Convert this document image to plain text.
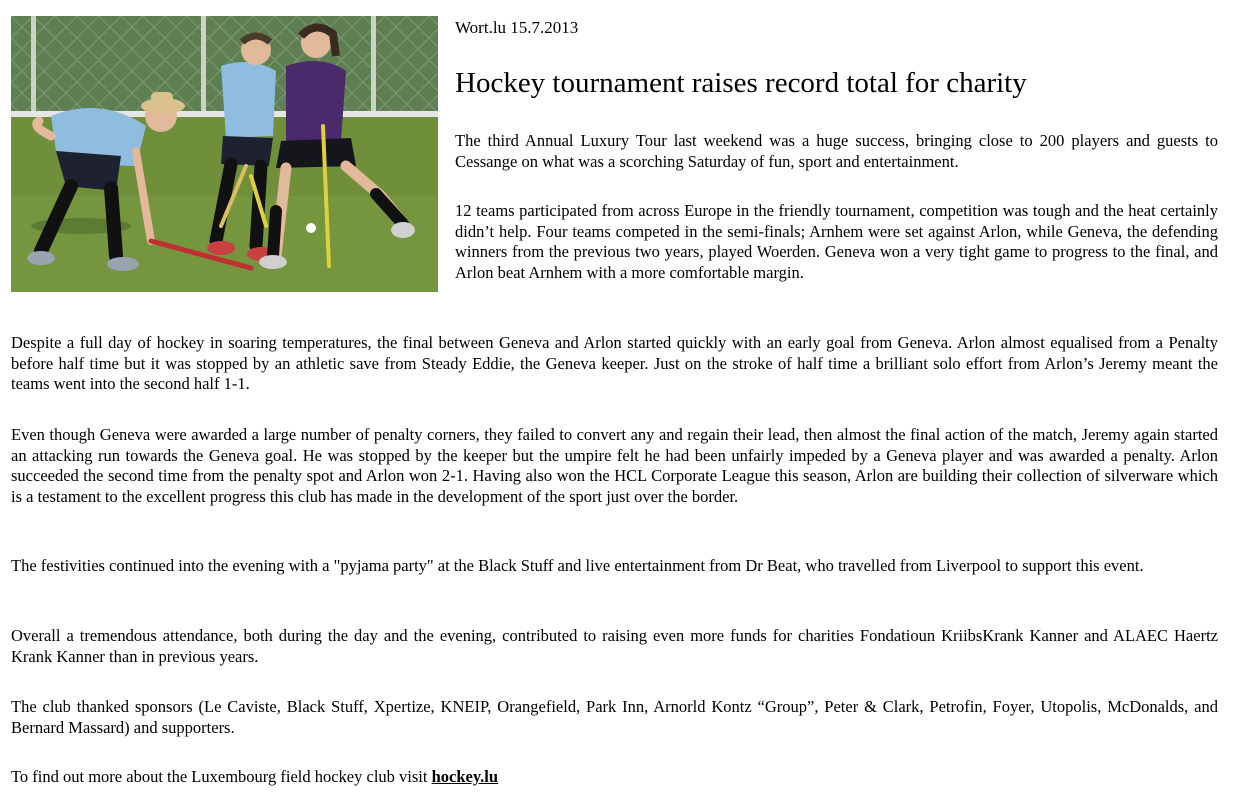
Wort.lu 15.7.2013

Hockey tournament raises record total for charity

The third Annual Luxury Tour last weekend was a huge success, bringing close to 200 players and guests to Cessange on what was a scorching Saturday of fun, sport and entertainment.

12 teams participated from across Europe in the friendly tournament, competition was tough and the heat certainly didn’t help. Four teams competed in the semi-finals; Arnhem were set against Arlon, while Geneva, the defending winners from the previous two years, played Woerden. Geneva won a very tight game to progress to the final, and Arlon beat Arnhem with a more comfortable margin.

Despite a full day of hockey in soaring temperatures, the final between Geneva and Arlon started quickly with an early goal from Geneva. Arlon almost equalised from a Penalty before half time but it was stopped by an athletic save from Steady Eddie, the Geneva keeper. Just on the stroke of half time a brilliant solo effort from Arlon’s Jeremy meant the teams went into the second half 1-1.

Even though Geneva were awarded a large number of penalty corners, they failed to convert any and regain their lead, then almost the final action of the match, Jeremy again started an attacking run towards the Geneva goal. He was stopped by the keeper but the umpire felt he had been unfairly impeded by a Geneva player and was awarded a penalty. Arlon succeeded the second time from the penalty spot and Arlon won 2-1. Having also won the HCL Corporate League this season, Arlon are building their collection of silverware which is a testament to the excellent progress this club has made in the development of the sport just over the border.

The festivities continued into the evening with a "pyjama party" at the Black Stuff and live entertainment from Dr Beat, who travelled from Liverpool to support this event.

Overall a tremendous attendance, both during the day and the evening, contributed to raising even more funds for charities Fondatioun KriibsKrank Kanner and ALAEC Haertz Krank Kanner than in previous years.

The club thanked sponsors (Le Caviste, Black Stuff, Xpertize, KNEIP, Orangefield, Park Inn, Arnorld Kontz “Group”, Peter & Clark, Petrofin, Foyer, Utopolis, McDonalds, and Bernard Massard) and supporters.

To find out more about the Luxembourg field hockey club visit hockey.lu
